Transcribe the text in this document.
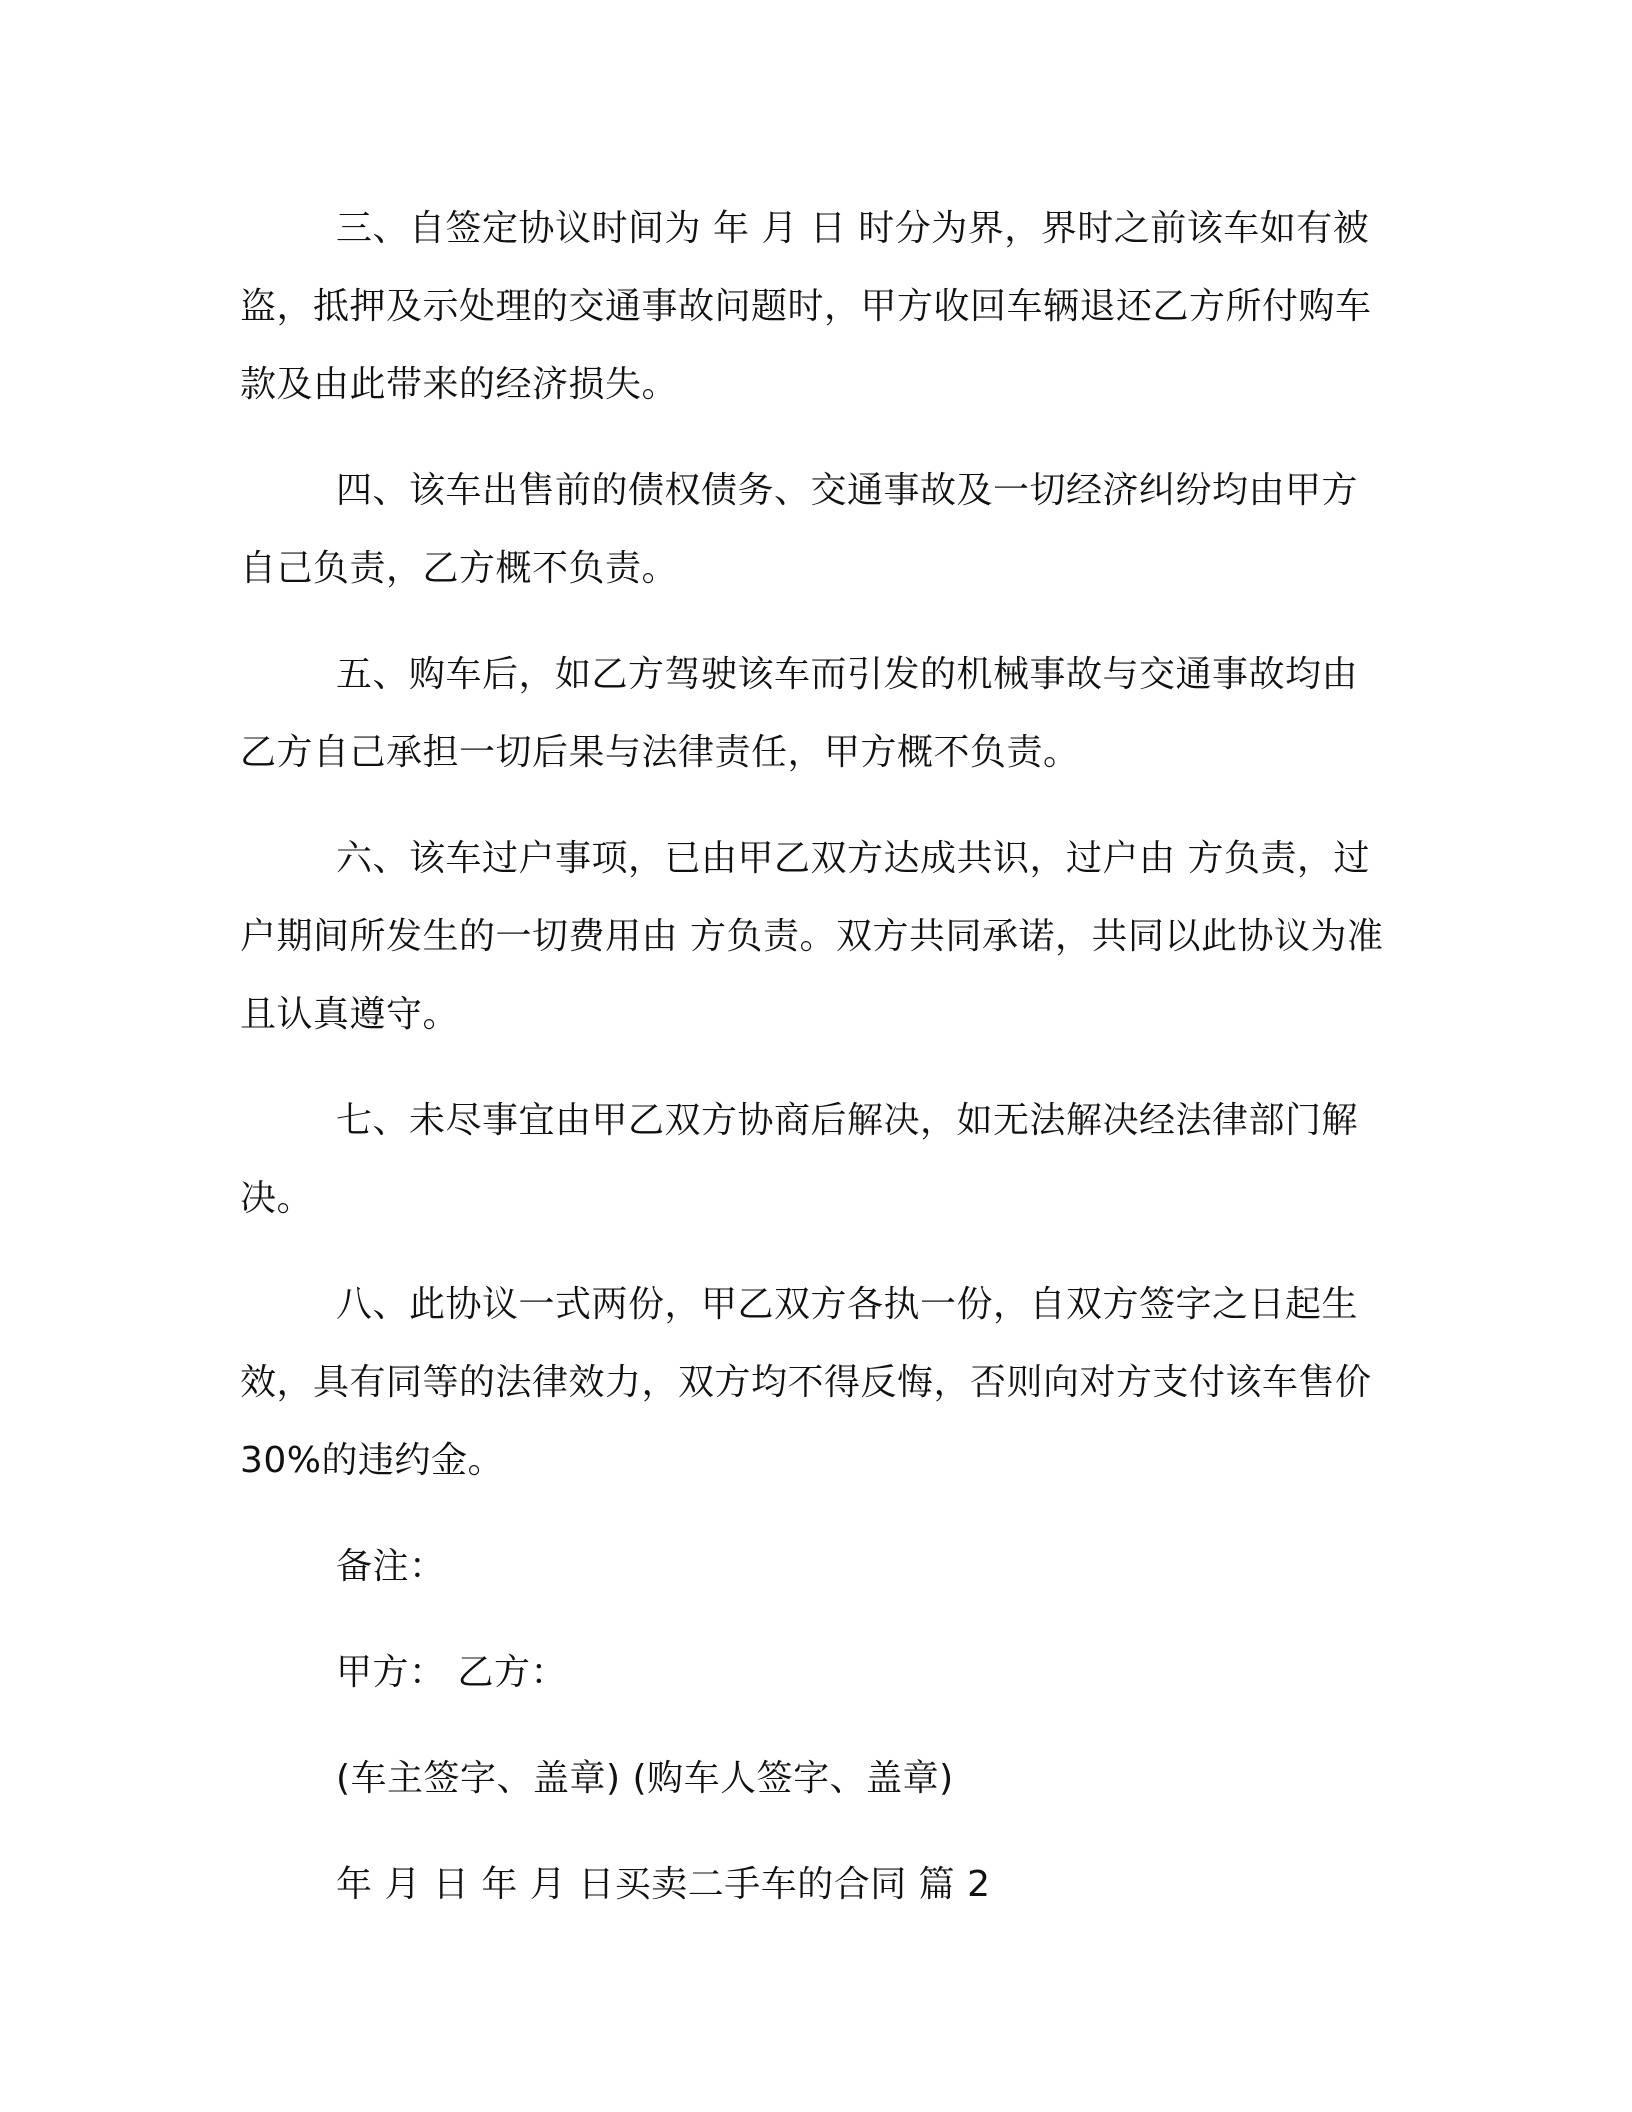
三、自签定协议时间为 年 月 日 时分为界，界时之前该车如有被盗，抵押及示处理的交通事故问题时，甲方收回车辆退还乙方所付购车款及由此带来的经济损失。

四、该车出售前的债权债务、交通事故及一切经济纠纷均由甲方自己负责，乙方概不负责。

五、购车后，如乙方驾驶该车而引发的机械事故与交通事故均由乙方自己承担一切后果与法律责任，甲方概不负责。

六、该车过户事项，已由甲乙双方达成共识，过户由 方负责，过户期间所发生的一切费用由 方负责。双方共同承诺，共同以此协议为准且认真遵守。

七、未尽事宜由甲乙双方协商后解决，如无法解决经法律部门解决。

八、此协议一式两份，甲乙双方各执一份，自双方签字之日起生效，具有同等的法律效力，双方均不得反悔，否则向对方支付该车售价 30%的违约金。

备注：

甲方： 乙方：

(车主签字、盖章) (购车人签字、盖章)

年 月 日 年 月 日买卖二手车的合同 篇 2
